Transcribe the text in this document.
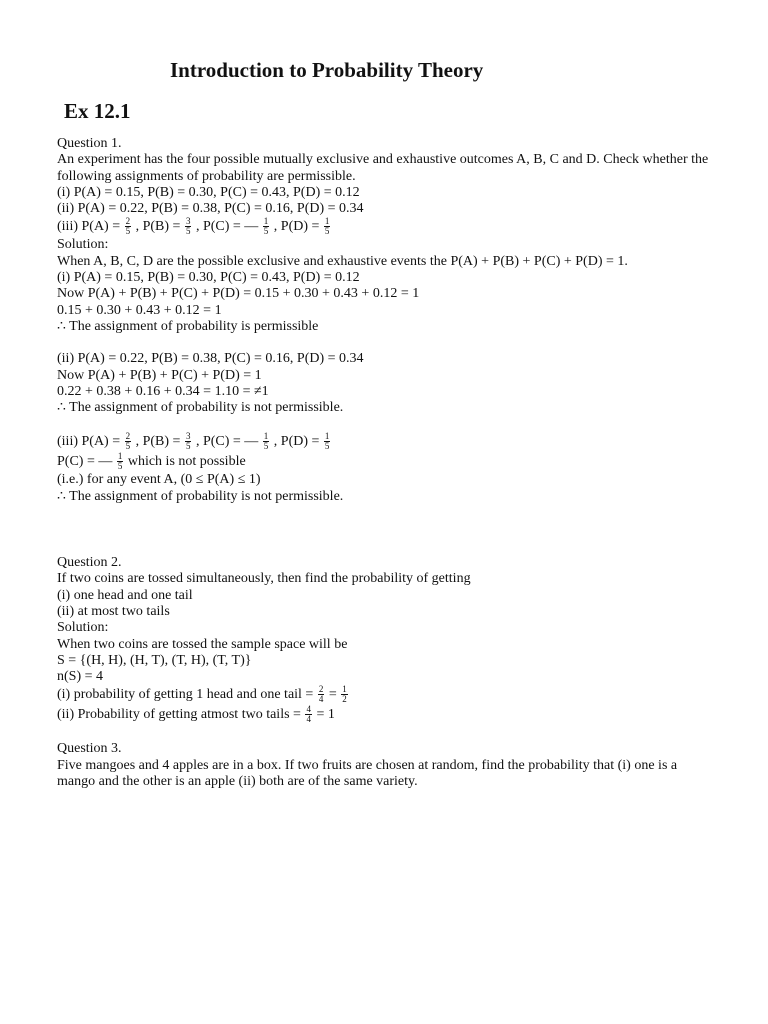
Introduction to Probability Theory
Ex 12.1
Question 1.
An experiment has the four possible mutually exclusive and exhaustive outcomes A, B, C and D. Check whether the following assignments of probability are permissible.
(i) P(A) = 0.15, P(B) = 0.30, P(C) = 0.43, P(D) = 0.12
(ii) P(A) = 0.22, P(B) = 0.38, P(C) = 0.16, P(D) = 0.34
(iii) $P(A) = \frac{2}{5}$ , $P(B) = \frac{3}{5}$ , P(C) = — $\frac{1}{5}$ , $P(D) = \frac{1}{5}$
Solution:
When A, B, C, D are the possible exclusive and exhaustive events the P(A) + P(B) + P(C) + P(D) = 1.
(i) P(A) = 0.15, P(B) = 0.30, P(C) = 0.43, P(D) = 0.12
Now P(A) + P(B) + P(C) + P(D) = 0.15 + 0.30 + 0.43 + 0.12 = 1
0.15 + 0.30 + 0.43 + 0.12 = 1
∴ The assignment of probability is permissible
(ii) P(A) = 0.22, P(B) = 0.38, P(C) = 0.16, P(D) = 0.34
Now P(A) + P(B) + P(C) + P(D) = 1
0.22 + 0.38 + 0.16 + 0.34 = 1.10 = ≠1
∴ The assignment of probability is not permissible.
(iii) $P(A) = \frac{2}{5}$ , $P(B) = \frac{3}{5}$ , P(C) = — $\frac{1}{5}$ , $P(D) = \frac{1}{5}$
P(C) = — $\frac{1}{5}$ which is not possible
(i.e.) for any event A, (0 ≤ P(A) ≤ 1)
∴ The assignment of probability is not permissible.
Question 2.
If two coins are tossed simultaneously, then find the probability of getting
(i) one head and one tail
(ii) at most two tails
Solution:
When two coins are tossed the sample space will be
S = {(H, H), (H, T), (T, H), (T, T)}
n(S) = 4
(i) probability of getting 1 head and one tail = $\frac{2}{4} = \frac{1}{2}$
(ii) Probability of getting atmost two tails = $\frac{4}{4} = 1$
Question 3.
Five mangoes and 4 apples are in a box. If two fruits are chosen at random, find the probability that (i) one is a mango and the other is an apple (ii) both are of the same variety.
